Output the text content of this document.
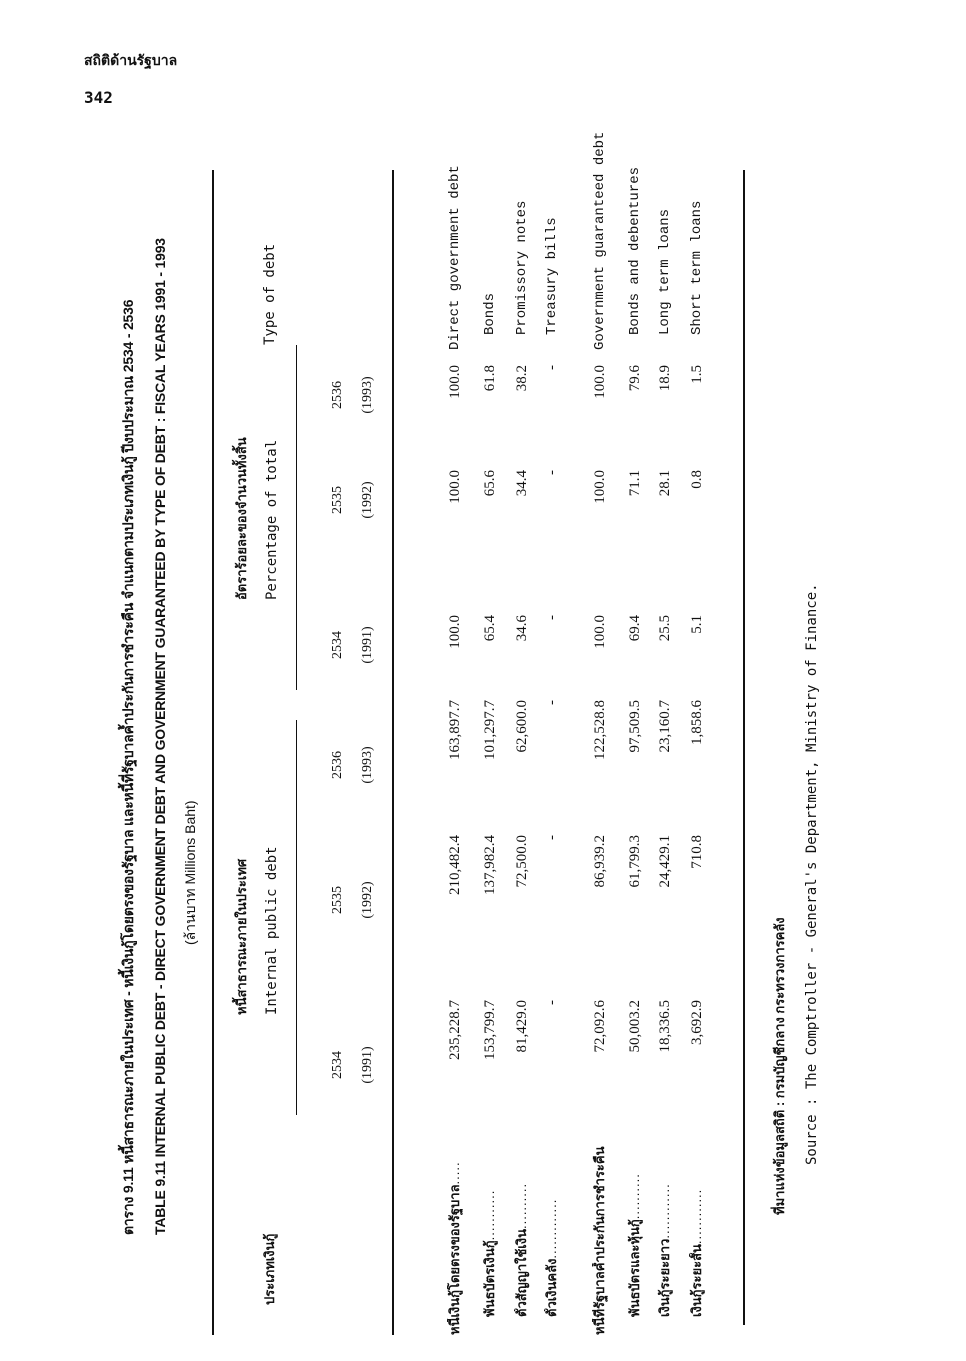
สถิติด้านรัฐบาล
342
ตาราง 9.11 หนี้สาธารณะภายในประเทศ - หนี้เงินกู้โดยตรงของรัฐบาล และหนี้ที่รัฐบาลค้ำประกันการชำระคืน จำแนกตามประเภทเงินกู้ ปีงบประมาณ 2534 - 2536 TABLE 9.11 INTERNAL PUBLIC DEBT - DIRECT GOVERNMENT DEBT AND GOVERNMENT GUARANTEED BY TYPE OF DEBT : FISCAL YEARS 1991 - 1993 (ล้านบาท Millions Baht)
ประเภทเงินกู้
Type of debt
หนี้สาธารณะภายในประเทศ Internal public debt
อัตราร้อยละของจำนวนทั้งสิ้น Percentage of total
2534 (1991)
2535 (1992)
2536 (1993)
2534 (1991)
2535 (1992)
2536 (1993)
หนี้เงินกู้โดยตรงของรัฐบาล.....
235,228.7
210,482.4
163,897.7
100.0
100.0
100.0
Direct government debt
พันธบัตรเงินกู้...........
153,799.7
137,982.4
101,297.7
65.4
65.6
61.8
Bonds
ตั๋วสัญญาใช้เงิน..........
81,429.0
72,500.0
62,600.0
34.6
34.4
38.2
Promissory notes
ตั๋วเงินคลัง.............
-
-
-
-
-
-
Treasury bills
หนี้ที่รัฐบาลค้ำประกันการชำระคืน
72,092.6
86,939.2
122,528.8
100.0
100.0
100.0
Government guaranteed debt
พันธบัตรและหุ้นกู้..........
50,003.2
61,799.3
97,509.5
69.4
71.1
79.6
Bonds and debentures
เงินกู้ระยะยาว............
18,336.5
24,429.1
23,160.7
25.5
28.1
18.9
Long term loans
เงินกู้ระยะสั้น............
3,692.9
710.8
1,858.6
5.1
0.8
1.5
Short term loans
ที่มาแห่งข้อมูลสถิติ : กรมบัญชีกลาง กระทรวงการคลัง Source : The Comptroller - General's Department, Ministry of Finance.
